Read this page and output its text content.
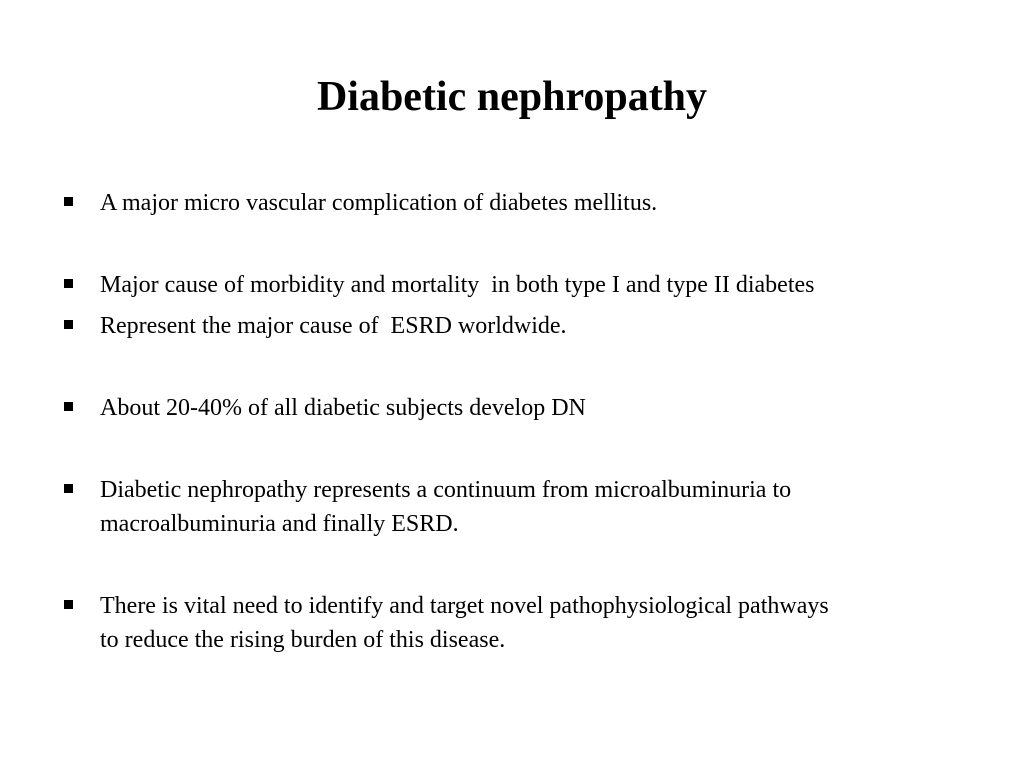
Diabetic nephropathy
A major micro vascular complication of diabetes mellitus.
Major cause of morbidity and mortality  in both type I and type II diabetes
Represent the major cause of  ESRD worldwide.
About 20-40% of all diabetic subjects develop DN
Diabetic nephropathy represents a continuum from microalbuminuria to
macroalbuminuria and finally ESRD.
There is vital need to identify and target novel pathophysiological pathways
to reduce the rising burden of this disease.
